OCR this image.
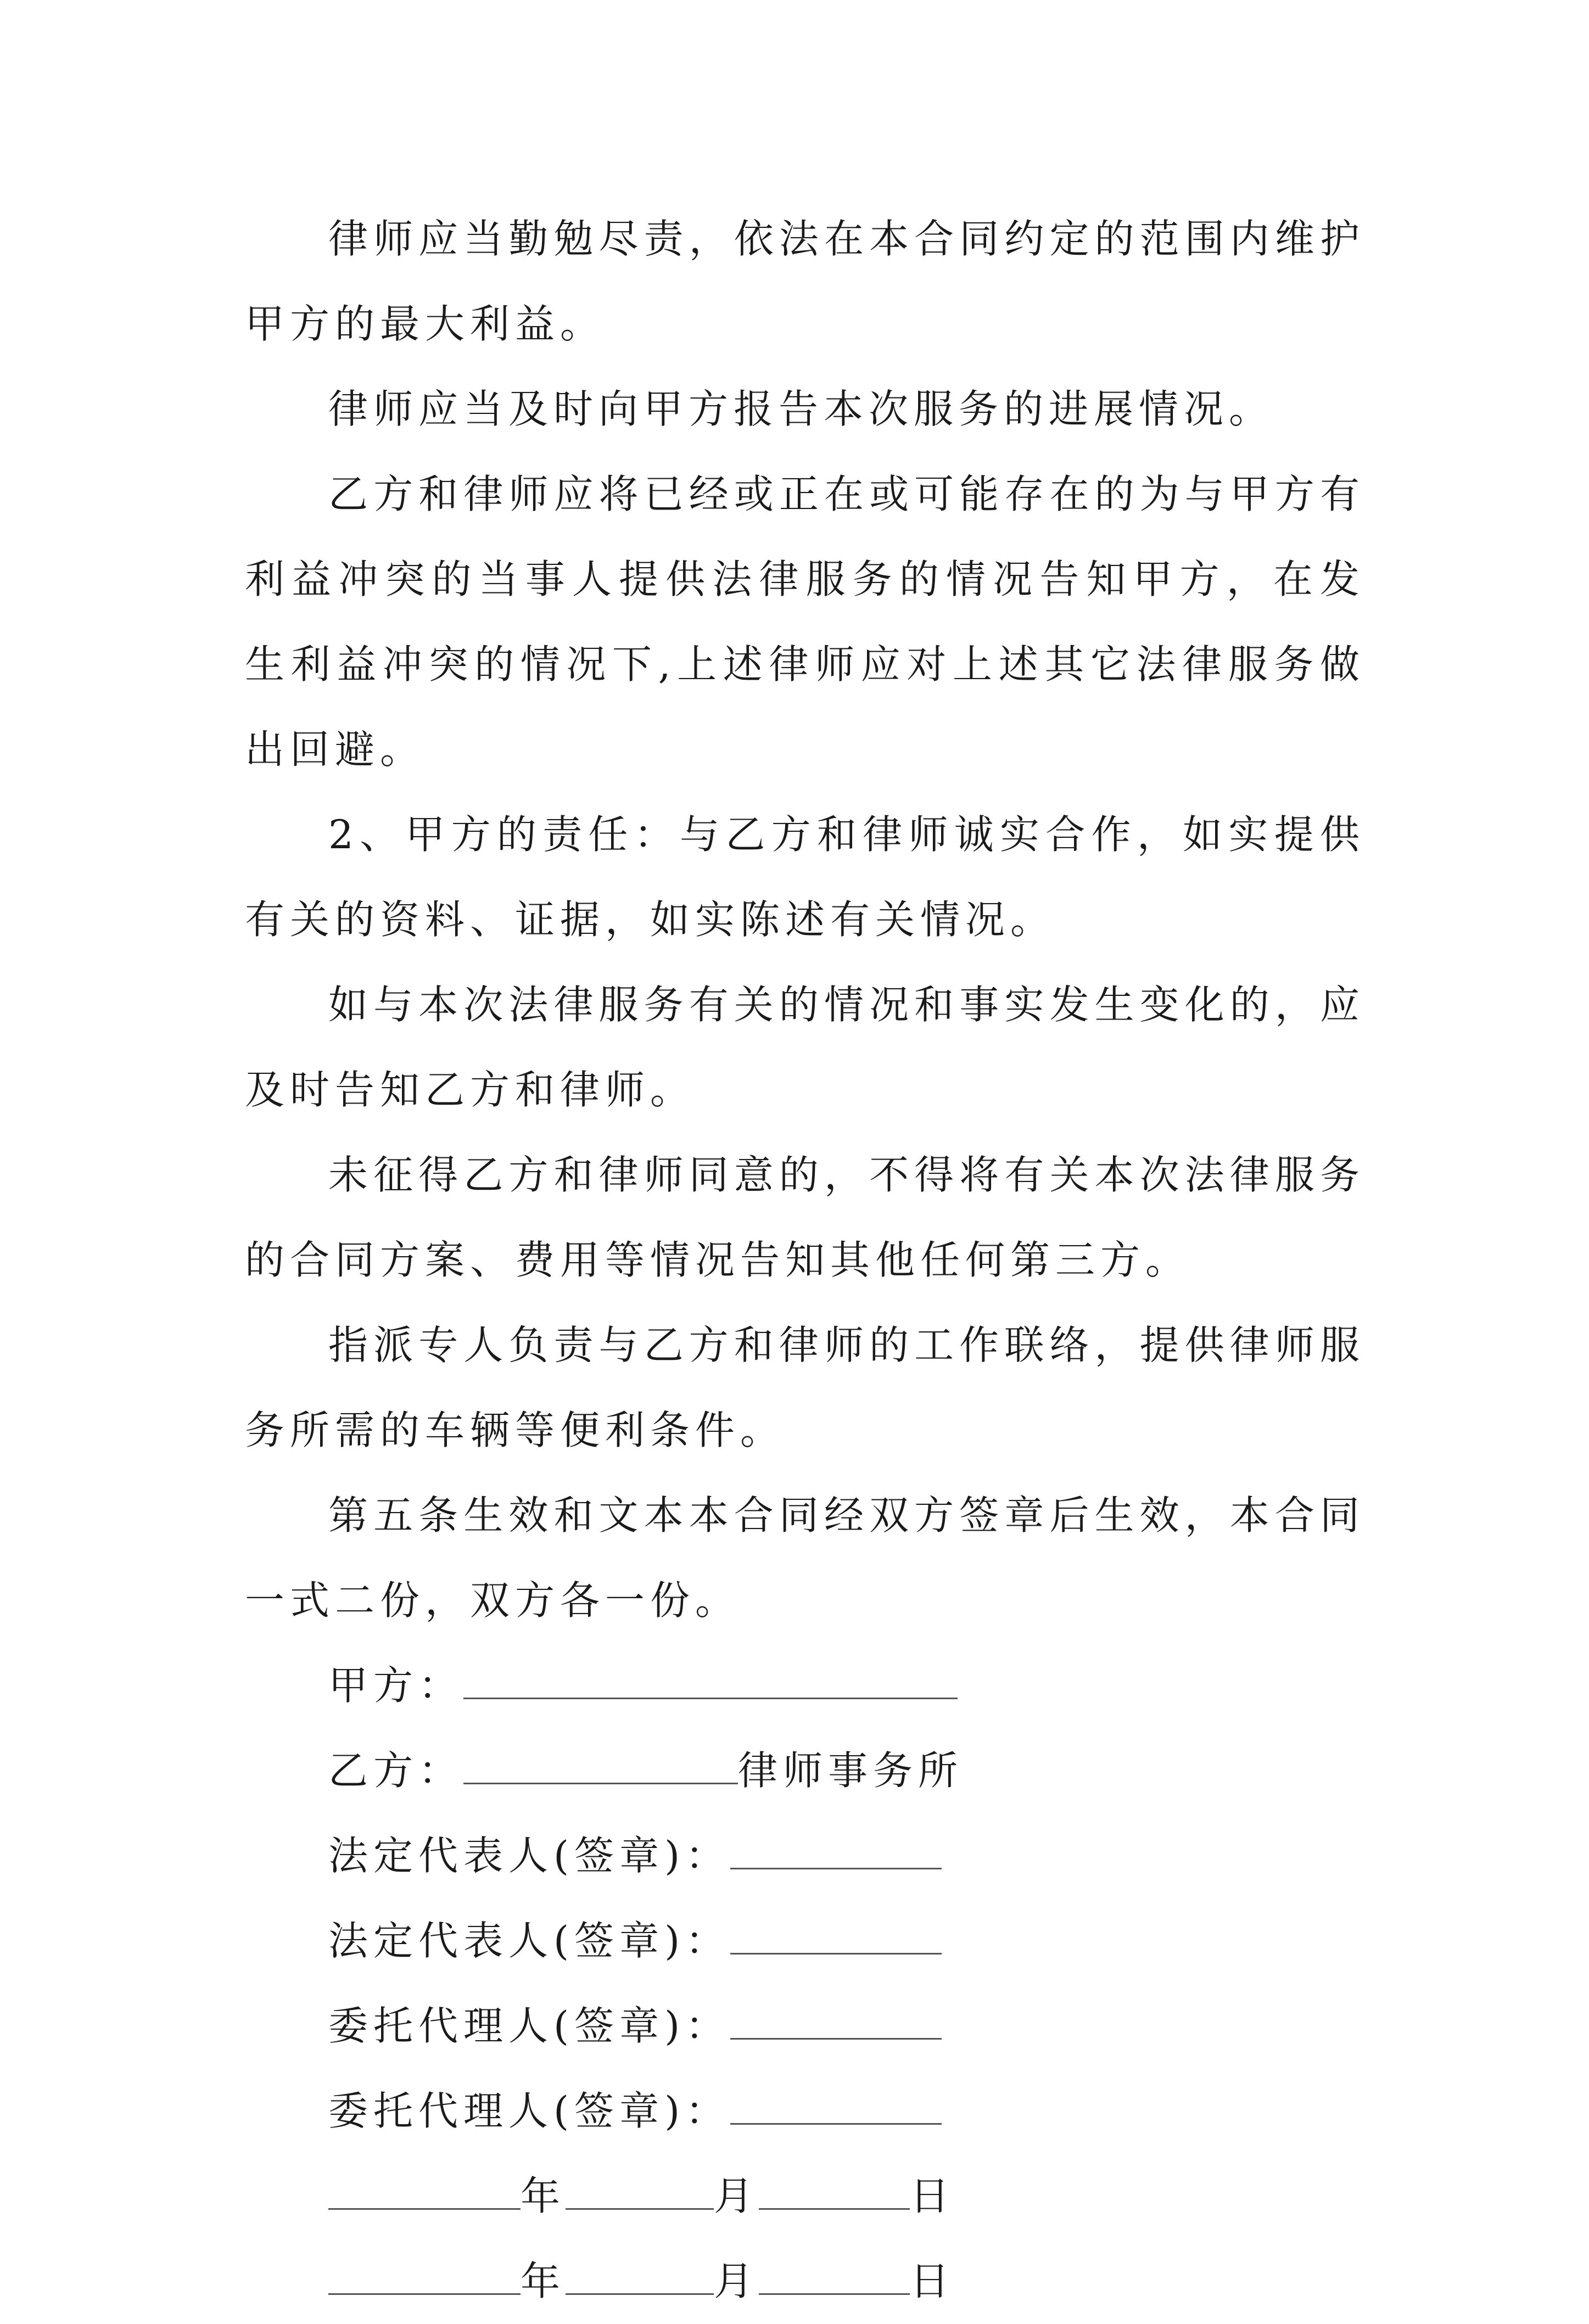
律师应当勤勉尽责，依法在本合同约定的范围内维护甲方的最大利益。

律师应当及时向甲方报告本次服务的进展情况。

乙方和律师应将已经或正在或可能存在的为与甲方有利益冲突的当事人提供法律服务的情况告知甲方，在发生利益冲突的情况下,上述律师应对上述其它法律服务做出回避。

2、甲方的责任：与乙方和律师诚实合作，如实提供有关的资料、证据，如实陈述有关情况。

如与本次法律服务有关的情况和事实发生变化的，应及时告知乙方和律师。

未征得乙方和律师同意的，不得将有关本次法律服务的合同方案、费用等情况告知其他任何第三方。

指派专人负责与乙方和律师的工作联络，提供律师服务所需的车辆等便利条件。

第五条生效和文本本合同经双方签章后生效，本合同一式二份，双方各一份。

甲方：

乙方：	律师事务所

法定代表人(签章)：

法定代表人(签章)：

委托代理人(签章)：

委托代理人(签章)：

年	月	日

年	月	日
